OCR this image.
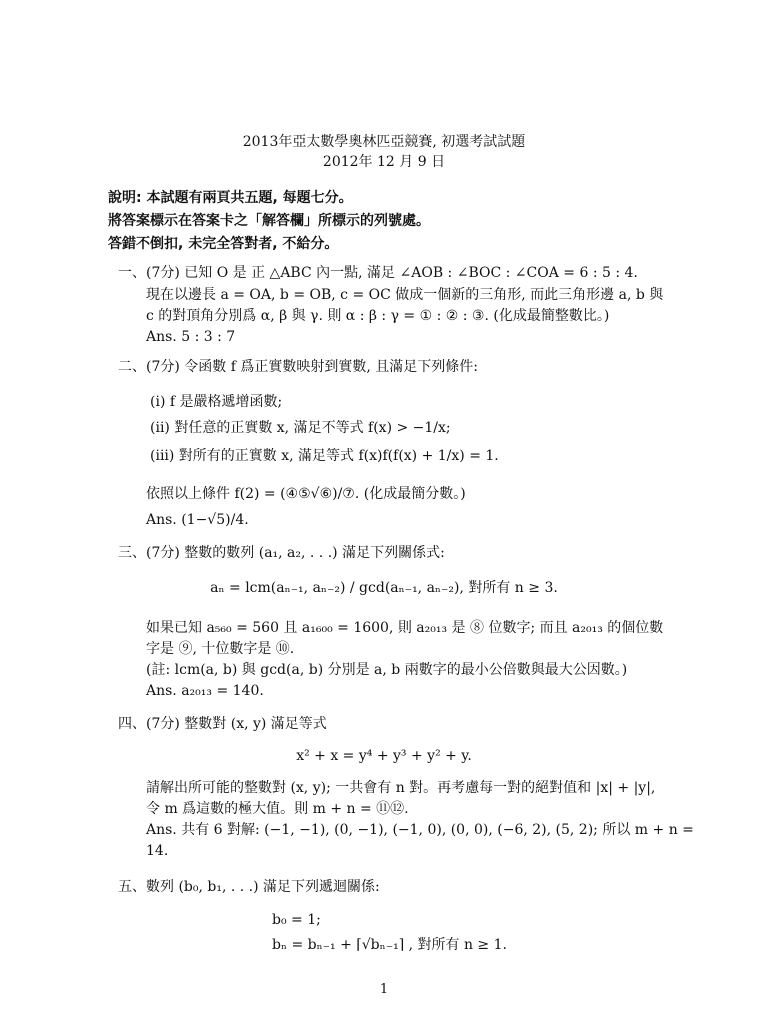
2013年亞太數學奧林匹亞競賽, 初選考試試題
2012年 12 月 9 日
說明: 本試題有兩頁共五題, 每題七分。
將答案標示在答案卡之「解答欄」所標示的列號處。
答錯不倒扣, 未完全答對者, 不給分。
一、 (7分) 已知 O 是 正 △ABC 內一點, 滿足 ∠AOB : ∠BOC : ∠COA = 6 : 5 : 4.
現在以邊長 a = OA, b = OB, c = OC 做成一個新的三角形, 而此三角形邊 a, b 與
c 的對頂角分別爲 α, β 與 γ. 則 α : β : γ = ① : ② : ③. (化成最簡整數比。)
Ans. 5 : 3 : 7
二、 (7分) 令函數 f 爲正實數映射到實數, 且滿足下列條件:
(i) f 是嚴格遞增函數;
(ii) 對任意的正實數 x, 滿足不等式 f(x) > −1/x;
(iii) 對所有的正實數 x, 滿足等式 f(x)f(f(x) + 1/x) = 1.
依照以上條件 f(2) = (④⑤√⑥)/⑦. (化成最簡分數。)
Ans. (1−√5)/4.
三、 (7分) 整數的數列 (a₁, a₂, . . .) 滿足下列關係式:
aₙ = lcm(aₙ₋₁, aₙ₋₂) / gcd(aₙ₋₁, aₙ₋₂), 對所有 n ≥ 3.
如果已知 a₅₆₀ = 560 且 a₁₆₀₀ = 1600, 則 a₂₀₁₃ 是 ⑧ 位數字; 而且 a₂₀₁₃ 的個位數
字是 ⑨, 十位數字是 ⑩.
(註: lcm(a, b) 與 gcd(a, b) 分別是 a, b 兩數字的最小公倍數與最大公因數。)
Ans. a₂₀₁₃ = 140.
四、 (7分) 整數對 (x, y) 滿足等式
x² + x = y⁴ + y³ + y² + y.
請解出所可能的整數對 (x, y); 一共會有 n 對。再考慮每一對的絕對值和 |x| + |y|,
令 m 爲這數的極大值。則 m + n = ⑪⑫.
Ans. 共有 6 對解: (−1, −1), (0, −1), (−1, 0), (0, 0), (−6, 2), (5, 2); 所以 m + n =
14.
五、 數列 (b₀, b₁, . . .) 滿足下列遞迴關係:
b₀ = 1;
bₙ = bₙ₋₁ + ⌈√bₙ₋₁⌉ , 對所有 n ≥ 1.
1
